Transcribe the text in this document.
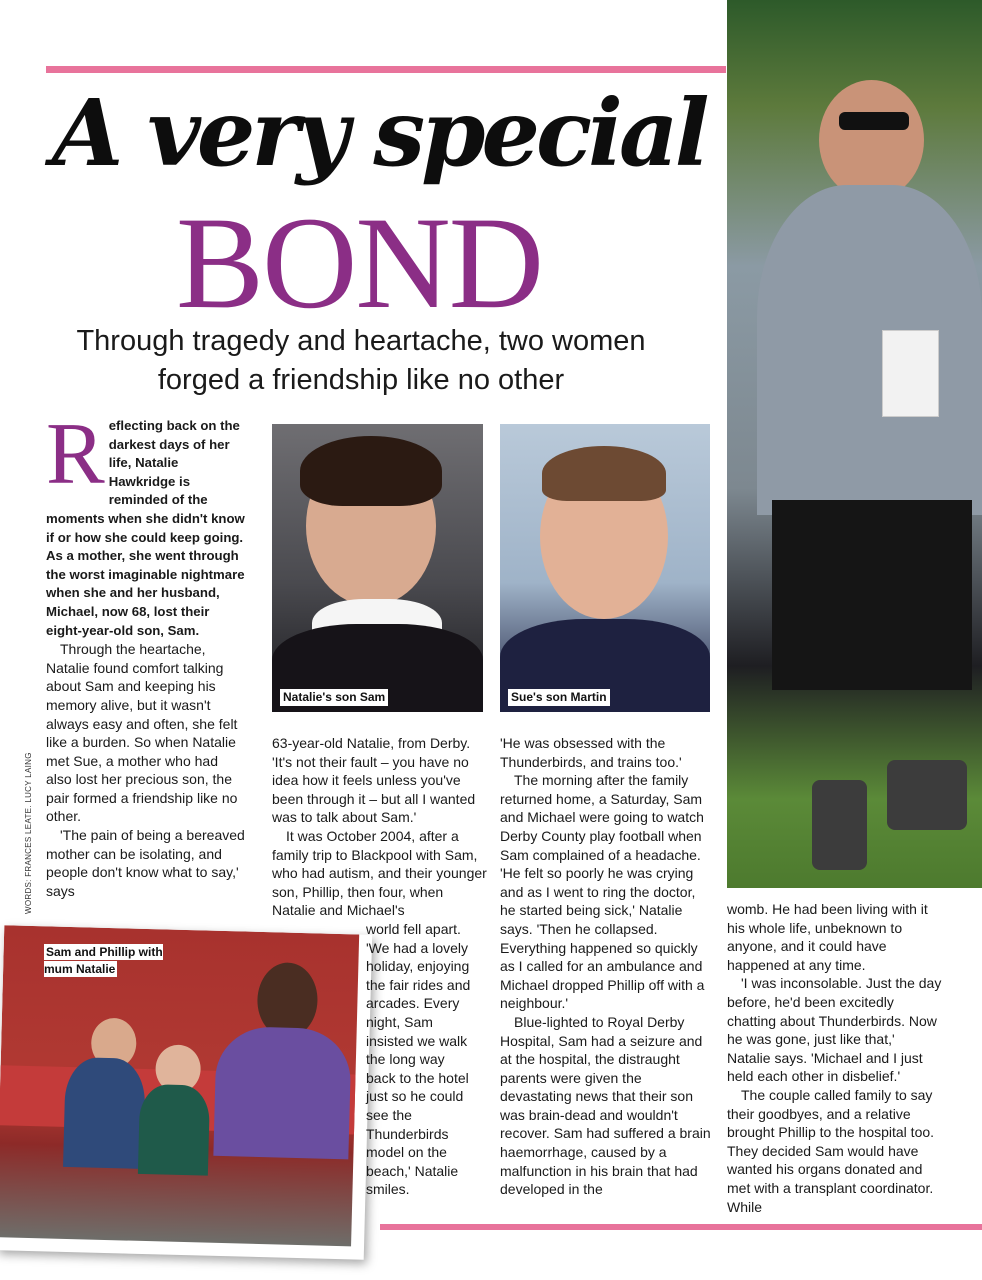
A very special
BOND

Through tragedy and heartache, two women forged a friendship like no other

Natalie's son Sam	Sue's son Martin

Sam and Phillip with mum Natalie

WORDS: FRANCES LEATE. LUCY LAING

R eflecting back on the darkest days of her life, Natalie Hawkridge is reminded of the moments when she didn't know if or how she could keep going. As a mother, she went through the worst imaginable nightmare when she and her husband, Michael, now 68, lost their eight-year-old son, Sam.

Through the heartache, Natalie found comfort talking about Sam and keeping his memory alive, but it wasn't always easy and often, she felt like a burden. So when Natalie met Sue, a mother who had also lost her precious son, the pair formed a friendship like no other.

'The pain of being a bereaved mother can be isolating, and people don't know what to say,' says

63-year-old Natalie, from Derby. 'It's not their fault – you have no idea how it feels unless you've been through it – but all I wanted was to talk about Sam.'

It was October 2004, after a family trip to Blackpool with Sam, who had autism, and their younger son, Phillip, then four, when Natalie and Michael's

world fell apart. 'We had a lovely holiday, enjoying the fair rides and arcades. Every night, Sam insisted we walk the long way back to the hotel just so he could see the Thunderbirds model on the beach,' Natalie smiles.

'He was obsessed with the Thunderbirds, and trains too.'

The morning after the family returned home, a Saturday, Sam and Michael were going to watch Derby County play football when Sam complained of a headache. 'He felt so poorly he was crying and as I went to ring the doctor, he started being sick,' Natalie says. 'Then he collapsed. Everything happened so quickly as I called for an ambulance and Michael dropped Phillip off with a neighbour.'

Blue-lighted to Royal Derby Hospital, Sam had a seizure and at the hospital, the distraught parents were given the devastating news that their son was brain-dead and wouldn't recover. Sam had suffered a brain haemorrhage, caused by a malfunction in his brain that had developed in the

womb. He had been living with it his whole life, unbeknown to anyone, and it could have happened at any time.

'I was inconsolable. Just the day before, he'd been excitedly chatting about Thunderbirds. Now he was gone, just like that,' Natalie says. 'Michael and I just held each other in disbelief.'

The couple called family to say their goodbyes, and a relative brought Phillip to the hospital too. They decided Sam would have wanted his organs donated and met with a transplant coordinator. While
